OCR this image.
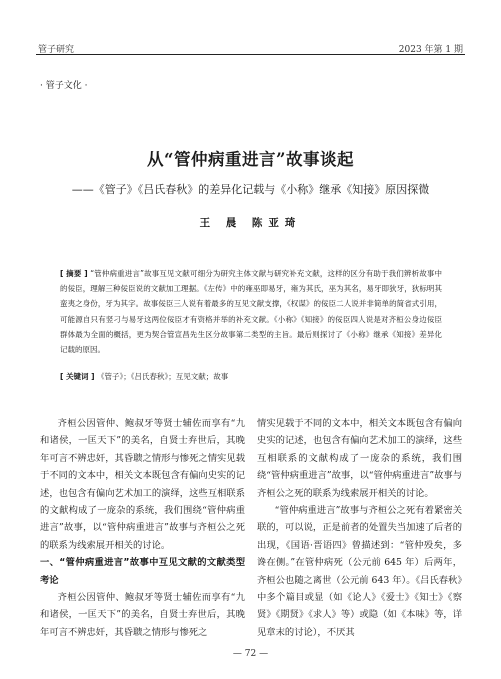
管子研究	2023 年第 1 期
· 管子文化 ·
从“管仲病重进言”故事谈起
——《管子》《吕氏春秋》的差异化记载与《小称》继承《知接》原因探微
王 晨 陈亚琦
[ 摘要 ] “管仲病重进言”故事互见文献可细分为研究主体文献与研究补充文献，这样的区分有助于我们辨析故事中的佞臣，理解三种佞臣说的文献加工理据。《左传》中的雍巫即易牙，雍为其氏，巫为其名，易牙即狄牙，狄标明其蛮夷之身份，牙为其字。故事佞臣三人说有着最多的互见文献支撑，《权谋》的佞臣二人说并非简单的简省式引用，可能源自只有竖刁与易牙这两位佞臣才有资格并举的补充文献。《小称》《知接》的佞臣四人说是对齐桓公身边佞臣群体最为全面的概括，更为契合管宣昌先生区分故事第二类型的主旨。最后则探讨了《小称》继承《知接》差异化记载的原因。
[ 关键词 ] 《管子》；《吕氏春秋》；互见文献；故事

齐桓公因管仲、鲍叔牙等贤士辅佐而享有“九和诸侯，一匡天下”的美名，自贤士弃世后，其晚年可言不辨忠奸，其昏聩之情形与惨死之情实见载于不同的文本中，相关文本既包含有偏向史实的记述，也包含有偏向艺术加工的演绎，这些互相联系的文献构成了一庞杂的系统，我们围绕“管仲病重进言”故事，以“管仲病重进言”故事与齐桓公之死的联系为线索展开相关的讨论。

一、“管仲病重进言”故事中互见文献的文献类型考论

齐桓公因管仲、鲍叔牙等贤士辅佐而享有“九和诸侯，一匡天下”的美名，自贤士弃世后，其晚年可言不辨忠奸，其昏聩之情形与惨死之

情实见载于不同的文本中，相关文本既包含有偏向史实的记述，也包含有偏向艺术加工的演绎，这些互相联系的文献构成了一庞杂的系统，我们围绕“管仲病重进言”故事，以“管仲病重进言”故事与齐桓公之死的联系为线索展开相关的讨论。

“管仲病重进言”故事与齐桓公之死有着紧密关联的，可以说，正是前者的处置失当加速了后者的出现，《国语·晋语四》曾描述到：“管仲殁矣，多谗在侧。”在管仲病死（公元前 645 年）后两年，齐桓公也随之离世（公元前 643 年）。《吕氏春秋》中多个篇目或显（如《论人》《爱士》《知士》《察贤》《期贤》《求人》等）或隐（如《本味》等，详见章末的讨论），不厌其

— 72 —
